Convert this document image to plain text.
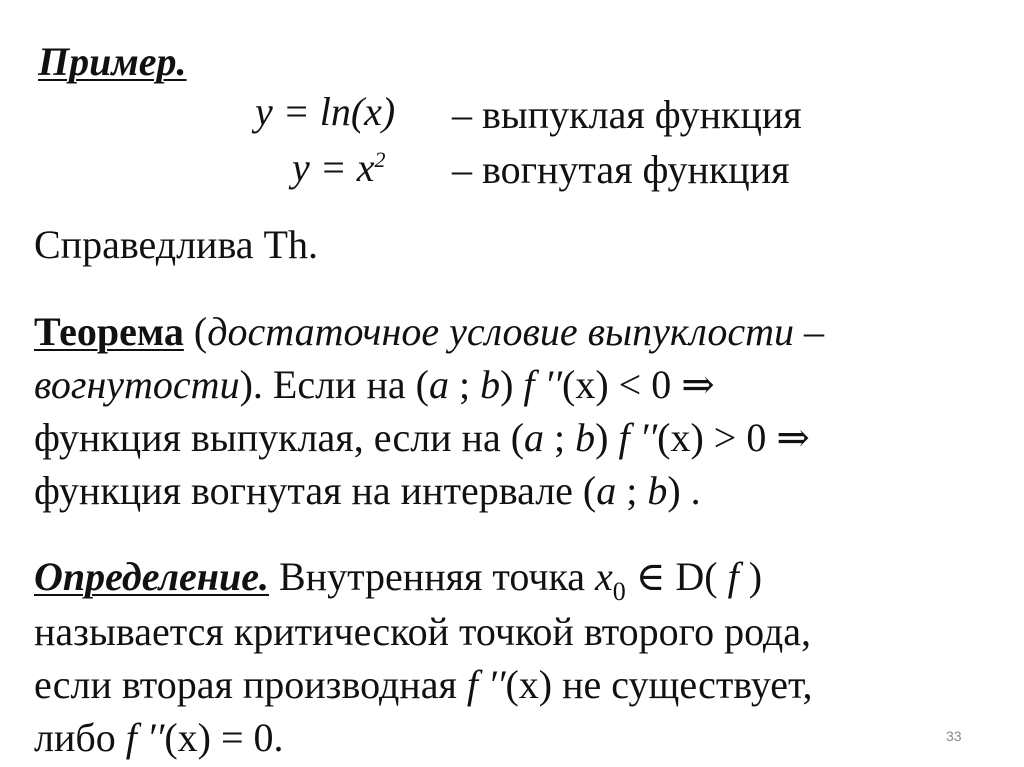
Пример.
y = ln(x) – выпуклая функция
$y = x^2$ – вогнутая функция
Справедлива Th.
Теорема (достаточное условие выпуклости –
вогнутости). Если на (a ; b) f ′′(x) < 0 ⇒
функция выпуклая, если на (a ; b) f ′′(x) > 0 ⇒
функция вогнутая на интервале (a ; b) .
Определение. Внутренняя точка $x_0$ ∈ D( f )
называется критической точкой второго рода,
если вторая производная f ′′(x) не существует,
либо f ′′(x) = 0.	33
